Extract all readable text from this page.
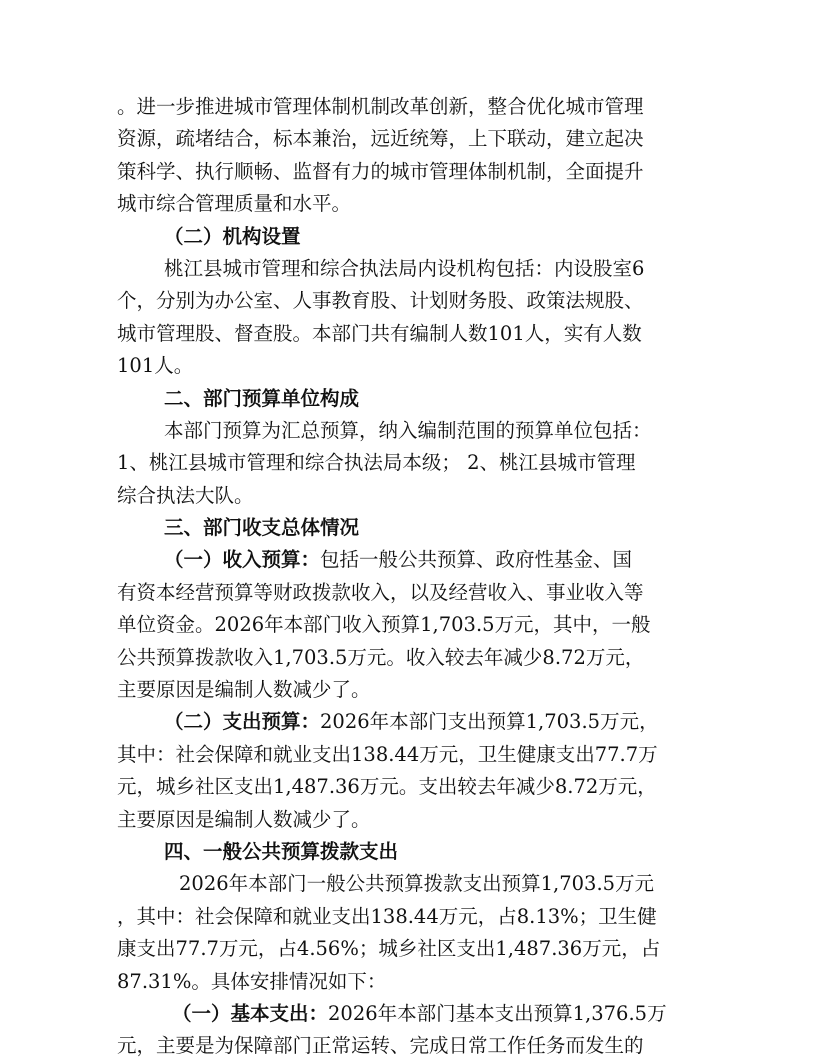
。进一步推进城市管理体制机制改革创新，整合优化城市管理
资源，疏堵结合，标本兼治，远近统筹，上下联动，建立起决
策科学、执行顺畅、监督有力的城市管理体制机制，全面提升
城市综合管理质量和水平。
（二）机构设置
桃江县城市管理和综合执法局内设机构包括：内设股室6
个，分别为办公室、人事教育股、计划财务股、政策法规股、
城市管理股、督查股。本部门共有编制人数101人，实有人数
101人。
二、部门预算单位构成
本部门预算为汇总预算，纳入编制范围的预算单位包括：
1、桃江县城市管理和综合执法局本级； 2、桃江县城市管理
综合执法大队。
三、部门收支总体情况
（一）收入预算：包括一般公共预算、政府性基金、国
有资本经营预算等财政拨款收入，以及经营收入、事业收入等
单位资金。2026年本部门收入预算1,703.5万元，其中，一般
公共预算拨款收入1,703.5万元。收入较去年减少8.72万元，
主要原因是编制人数减少了。
（二）支出预算：2026年本部门支出预算1,703.5万元，
其中：社会保障和就业支出138.44万元，卫生健康支出77.7万
元，城乡社区支出1,487.36万元。支出较去年减少8.72万元，
主要原因是编制人数减少了。
四、一般公共预算拨款支出
2026年本部门一般公共预算拨款支出预算1,703.5万元
，其中：社会保障和就业支出138.44万元，占8.13%；卫生健
康支出77.7万元，占4.56%；城乡社区支出1,487.36万元，占
87.31%。具体安排情况如下：
（一）基本支出：2026年本部门基本支出预算1,376.5万
元，主要是为保障部门正常运转、完成日常工作任务而发生的
